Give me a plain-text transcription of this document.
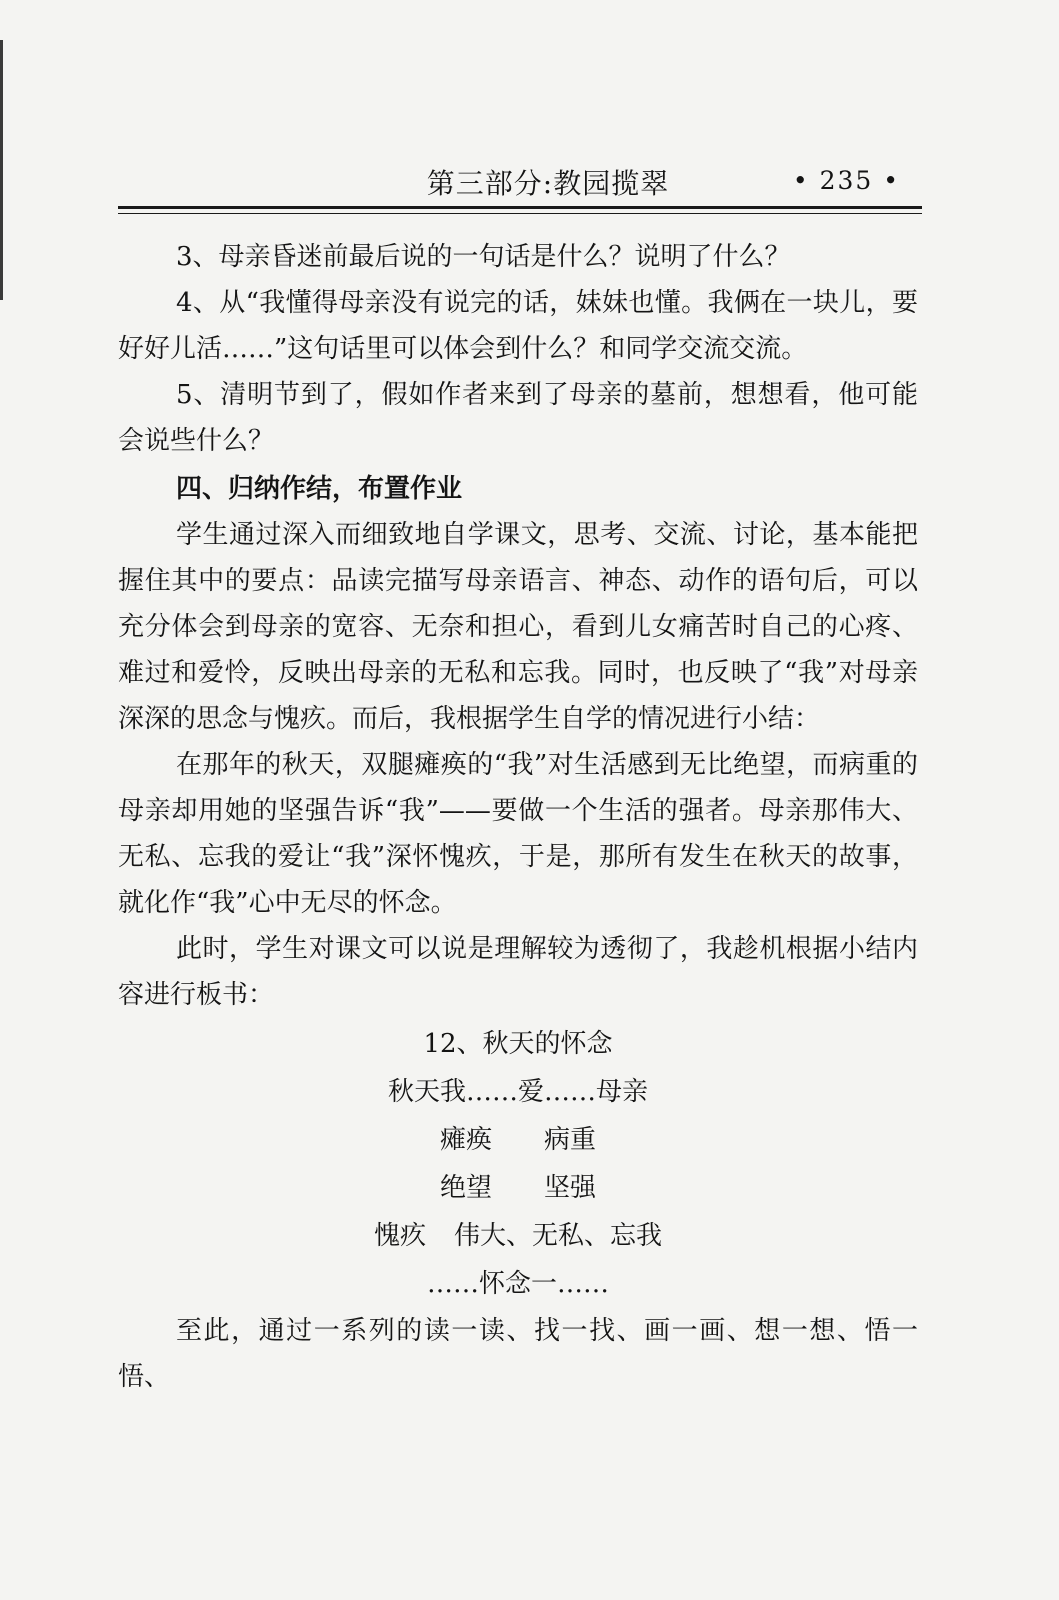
第三部分:教园揽翠	• 235 •

3、母亲昏迷前最后说的一句话是什么？说明了什么？

4、从“我懂得母亲没有说完的话，妹妹也懂。我俩在一块儿，要好好儿活……”这句话里可以体会到什么？和同学交流交流。

5、清明节到了，假如作者来到了母亲的墓前，想想看，他可能会说些什么？

四、归纳作结，布置作业

学生通过深入而细致地自学课文，思考、交流、讨论，基本能把握住其中的要点：品读完描写母亲语言、神态、动作的语句后，可以充分体会到母亲的宽容、无奈和担心，看到儿女痛苦时自己的心疼、难过和爱怜，反映出母亲的无私和忘我。同时，也反映了“我”对母亲深深的思念与愧疚。而后，我根据学生自学的情况进行小结：

在那年的秋天，双腿瘫痪的“我”对生活感到无比绝望，而病重的母亲却用她的坚强告诉“我”——要做一个生活的强者。母亲那伟大、无私、忘我的爱让“我”深怀愧疚，于是，那所有发生在秋天的故事，就化作“我”心中无尽的怀念。

此时，学生对课文可以说是理解较为透彻了，我趁机根据小结内容进行板书：

12、秋天的怀念
秋天我……爱……母亲
瘫痪 病重
绝望 坚强
愧疚 伟大、无私、忘我
……怀念一……

至此，通过一系列的读一读、找一找、画一画、想一想、悟一悟、
